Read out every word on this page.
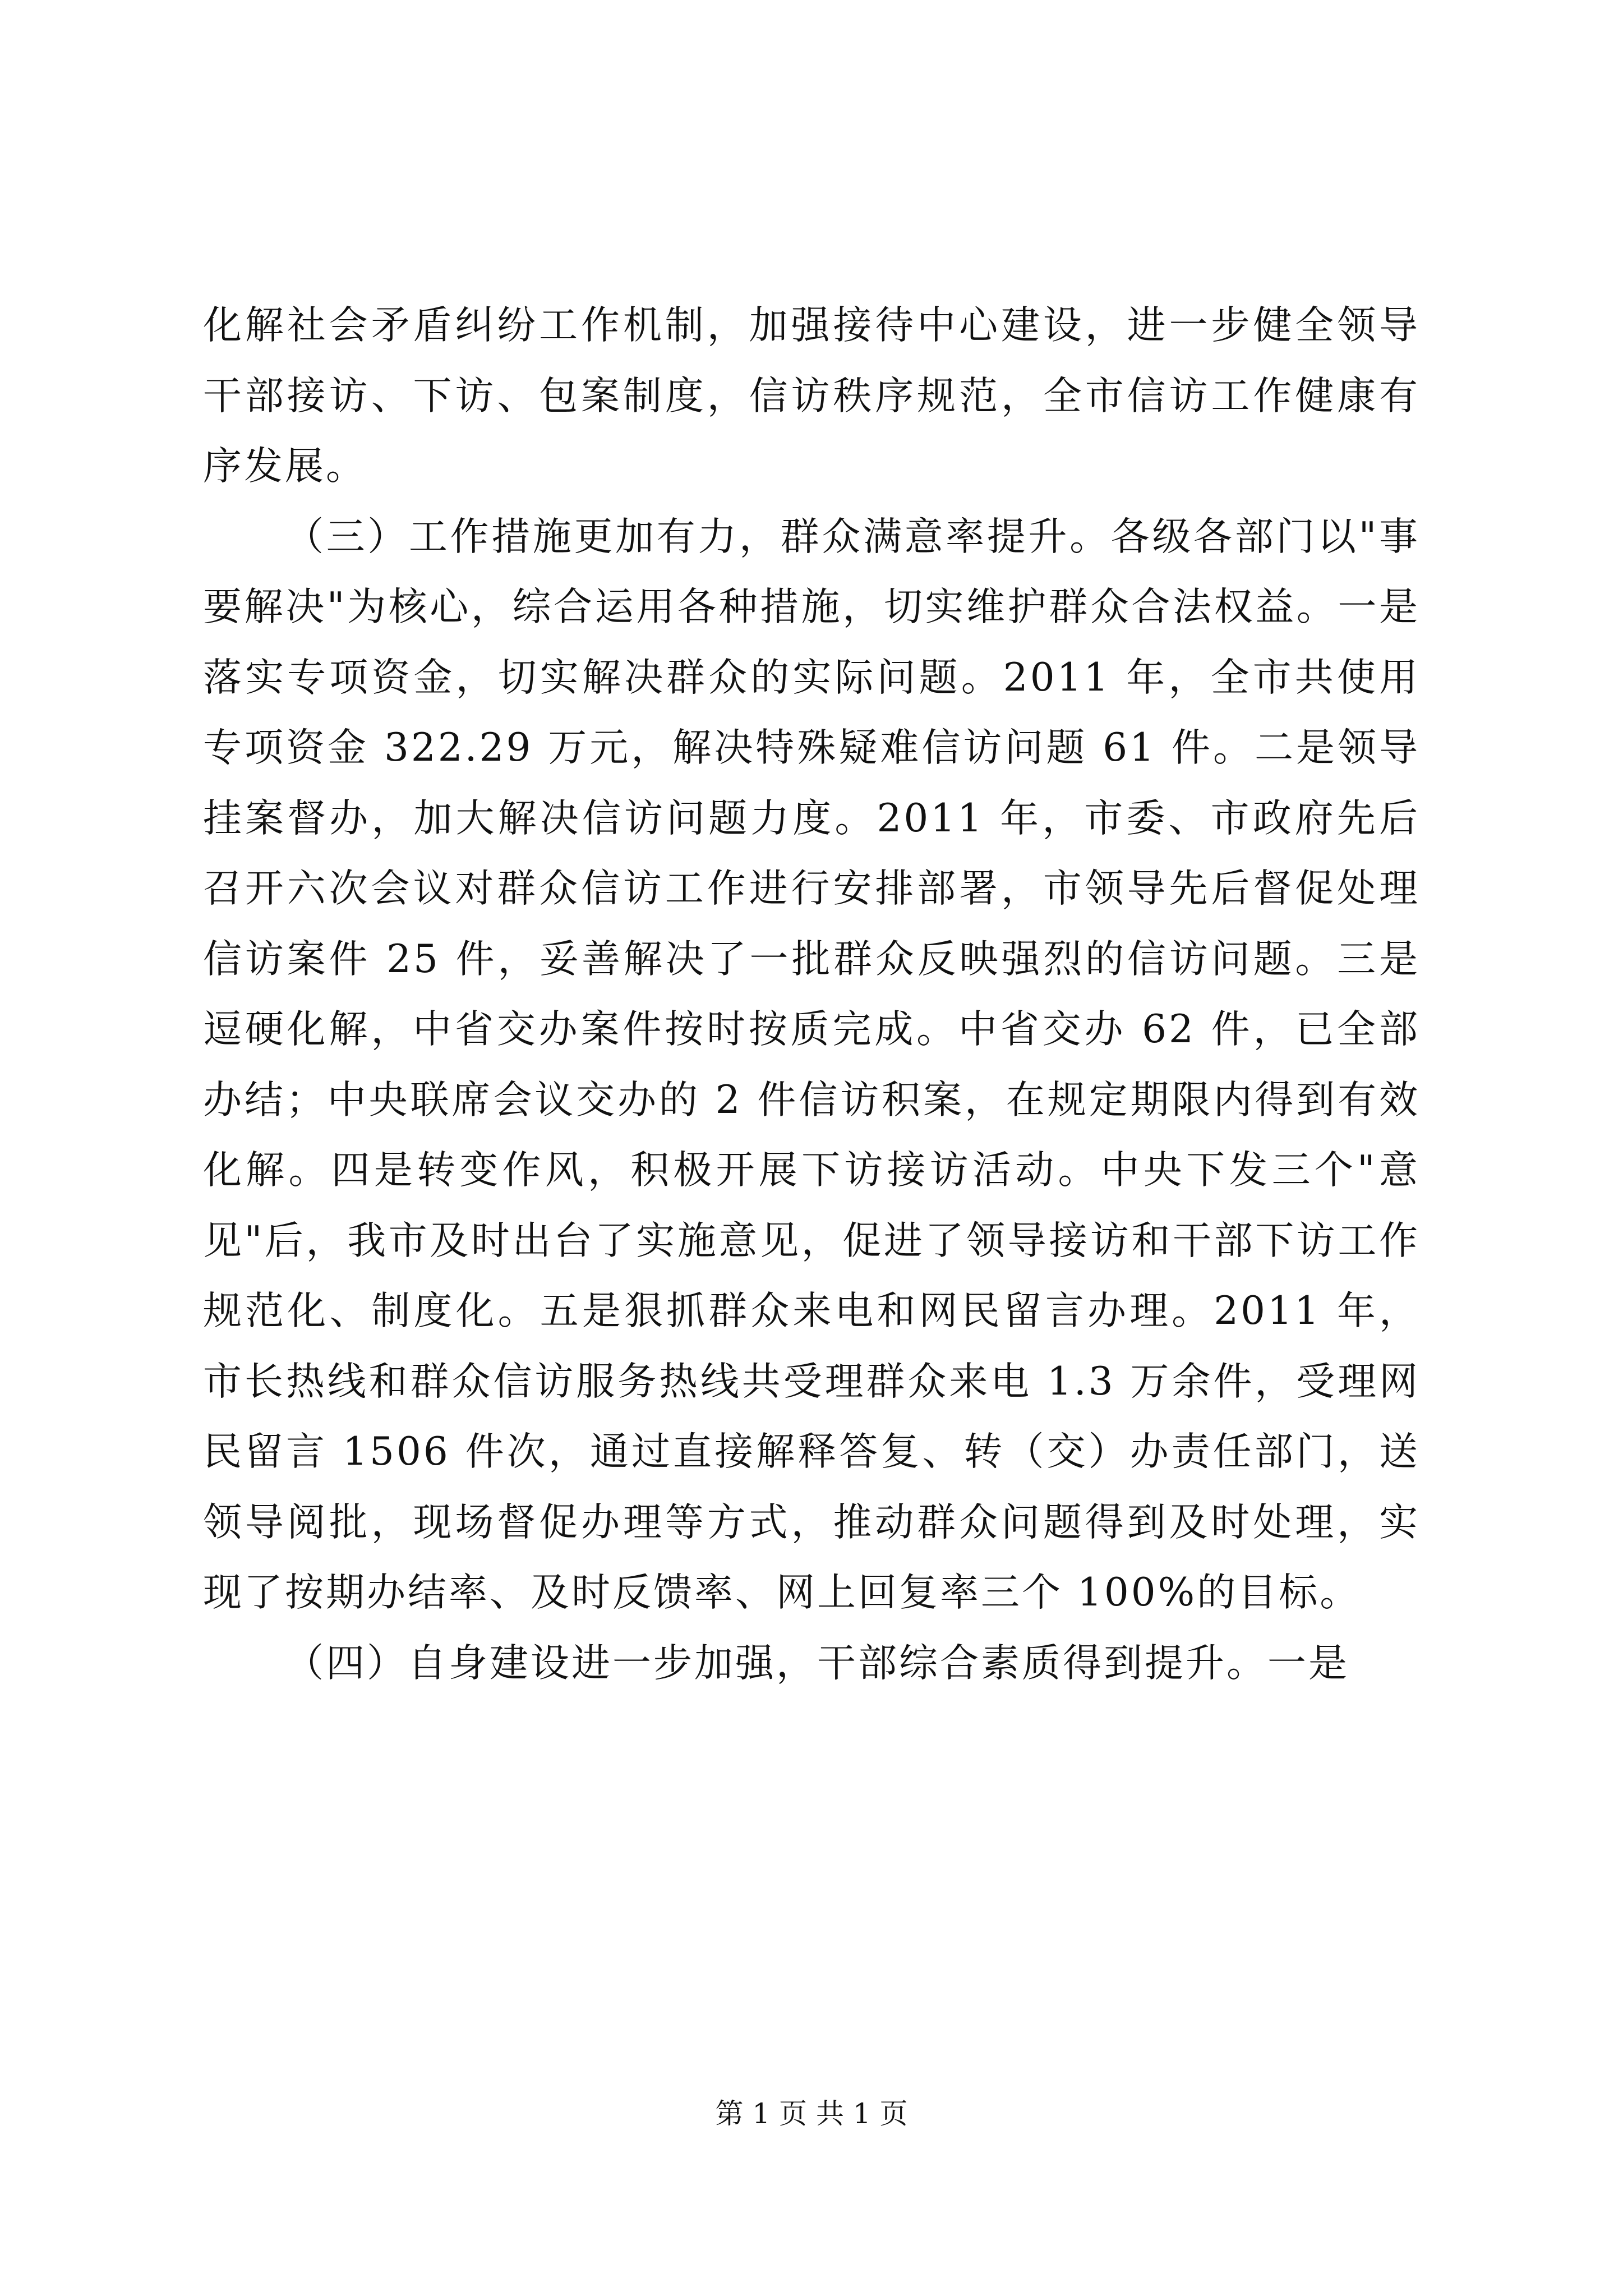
化解社会矛盾纠纷工作机制，加强接待中心建设，进一步健全领导干部接访、下访、包案制度，信访秩序规范，全市信访工作健康有序发展。

（三）工作措施更加有力，群众满意率提升。各级各部门以"事要解决"为核心，综合运用各种措施，切实维护群众合法权益。一是落实专项资金，切实解决群众的实际问题。2011 年，全市共使用专项资金 322.29 万元，解决特殊疑难信访问题 61 件。二是领导挂案督办，加大解决信访问题力度。2011 年，市委、市政府先后召开六次会议对群众信访工作进行安排部署，市领导先后督促处理信访案件 25 件，妥善解决了一批群众反映强烈的信访问题。三是逗硬化解，中省交办案件按时按质完成。中省交办 62 件，已全部办结；中央联席会议交办的 2 件信访积案，在规定期限内得到有效化解。四是转变作风，积极开展下访接访活动。中央下发三个"意见"后，我市及时出台了实施意见，促进了领导接访和干部下访工作规范化、制度化。五是狠抓群众来电和网民留言办理。2011 年，市长热线和群众信访服务热线共受理群众来电 1.3 万余件，受理网民留言 1506 件次，通过直接解释答复、转（交）办责任部门，送领导阅批，现场督促办理等方式，推动群众问题得到及时处理，实现了按期办结率、及时反馈率、网上回复率三个 100%的目标。

（四）自身建设进一步加强，干部综合素质得到提升。一是

第 1 页 共 1 页
